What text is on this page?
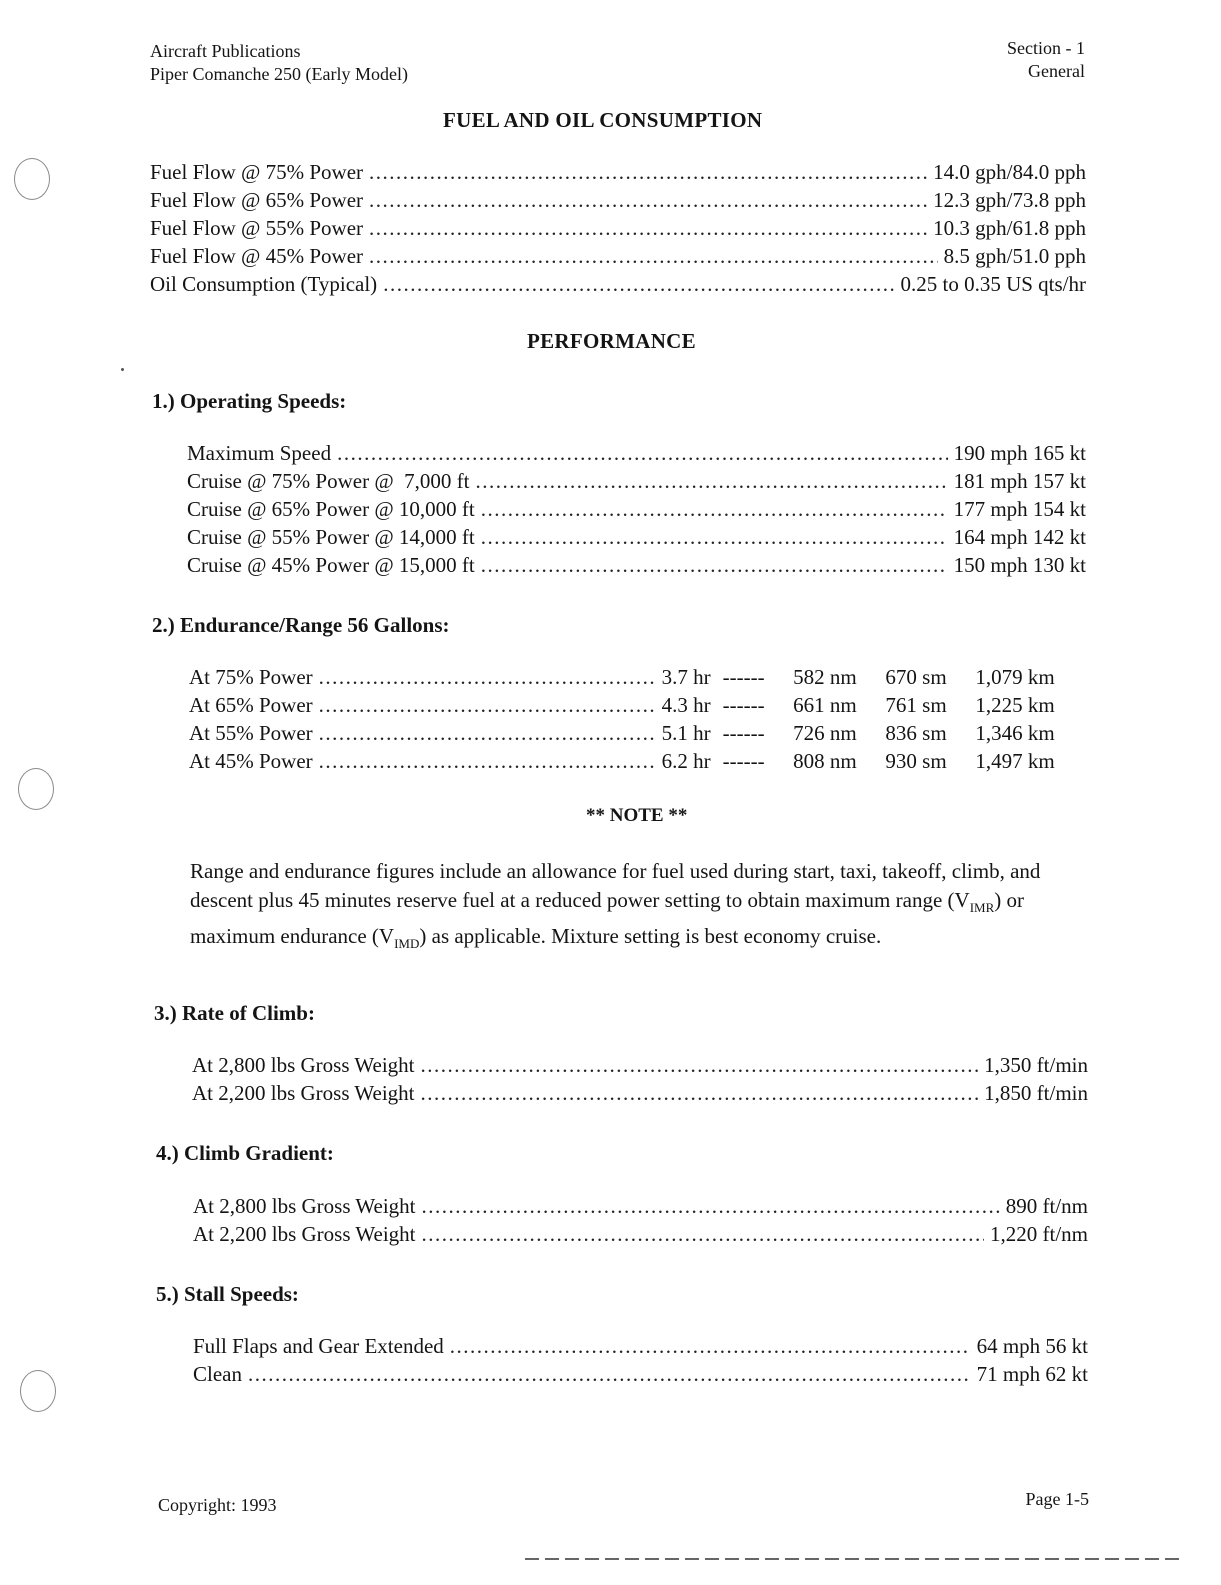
Aircraft Publications
Piper Comanche 250 (Early Model)
Section - 1
General
FUEL AND OIL CONSUMPTION
Fuel Flow @ 75% Power .....	14.0 gph/84.0 pph
Fuel Flow @ 65% Power .....	12.3 gph/73.8 pph
Fuel Flow @ 55% Power .....	10.3 gph/61.8 pph
Fuel Flow @ 45% Power .....	8.5 gph/51.0 pph
Oil Consumption (Typical) .....	0.25 to 0.35 US qts/hr
PERFORMANCE
1.) Operating Speeds:
Maximum Speed .....	190 mph 165 kt
Cruise @ 75% Power @  7,000 ft .....	181 mph 157 kt
Cruise @ 65% Power @ 10,000 ft .....	177 mph 154 kt
Cruise @ 55% Power @ 14,000 ft .....	164 mph 142 kt
Cruise @ 45% Power @ 15,000 ft .....	150 mph 130 kt
2.) Endurance/Range 56 Gallons:
At 75% Power .....	3.7 hr ------	582 nm	670 sm	1,079 km
At 65% Power .....	4.3 hr ------	661 nm	761 sm	1,225 km
At 55% Power .....	5.1 hr ------	726 nm	836 sm	1,346 km
At 45% Power .....	6.2 hr ------	808 nm	930 sm	1,497 km
** NOTE **
Range and endurance figures include an allowance for fuel used during start, taxi, takeoff, climb, and descent plus 45 minutes reserve fuel at a reduced power setting to obtain maximum range $(V_{IMR})$ or maximum endurance $(V_{IMD})$ as applicable. Mixture setting is best economy cruise.
3.) Rate of Climb:
At 2,800 lbs Gross Weight .....	1,350 ft/min
At 2,200 lbs Gross Weight .....	1,850 ft/min
4.) Climb Gradient:
At 2,800 lbs Gross Weight .....	890 ft/nm
At 2,200 lbs Gross Weight .....	1,220 ft/nm
5.) Stall Speeds:
Full Flaps and Gear Extended .....	64 mph 56 kt
Clean .....	71 mph 62 kt
Copyright: 1993	Page 1-5
